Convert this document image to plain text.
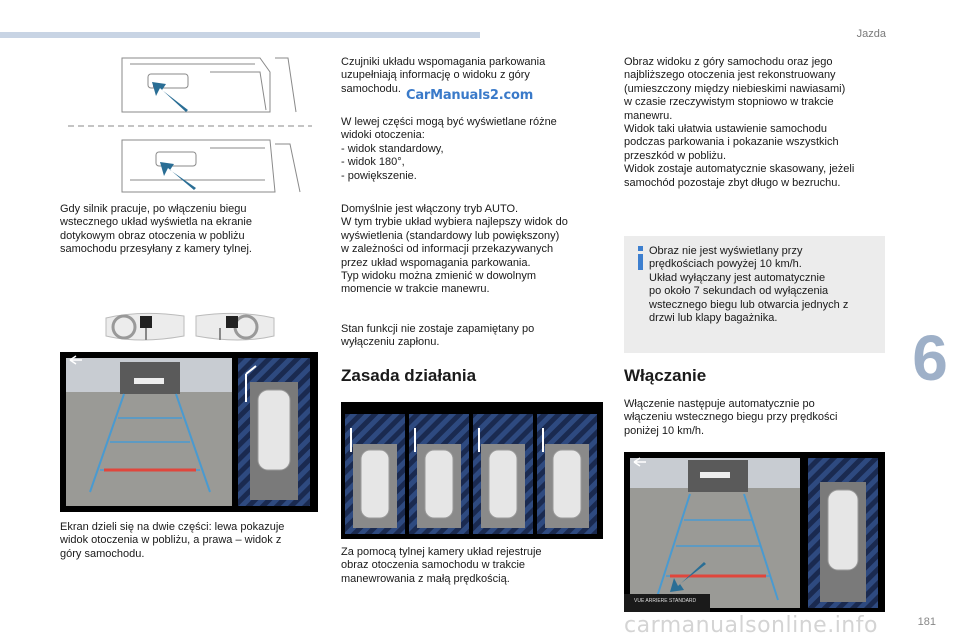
Jazda
6
Gdy silnik pracuje, po włączeniu biegu
wstecznego układ wyświetla na ekranie
dotykowym obraz otoczenia w pobliżu
samochodu przesyłany z kamery tylnej.
Ekran dzieli się na dwie części: lewa pokazuje
widok otoczenia w pobliżu, a prawa – widok z
góry samochodu.
Czujniki układu wspomagania parkowania
uzupełniają informację o widoku z góry
samochodu. CarManuals2.com
W lewej części mogą być wyświetlane różne
widoki otoczenia:
- widok standardowy,
- widok 180°,
- powiększenie.
Domyślnie jest włączony tryb AUTO.
W tym trybie układ wybiera najlepszy widok do
wyświetlenia (standardowy lub powiększony)
w zależności od informacji przekazywanych
przez układ wspomagania parkowania.
Typ widoku można zmienić w dowolnym
momencie w trakcie manewru.
Stan funkcji nie zostaje zapamiętany po
wyłączeniu zapłonu.
Zasada działania
Za pomocą tylnej kamery układ rejestruje
obraz otoczenia samochodu w trakcie
manewrowania z małą prędkością.
Obraz widoku z góry samochodu oraz jego
najbliższego otoczenia jest rekonstruowany
(umieszczony między niebieskimi nawiasami)
w czasie rzeczywistym stopniowo w trakcie
manewru.
Widok taki ułatwia ustawienie samochodu
podczas parkowania i pokazanie wszystkich
przeszkód w pobliżu.
Widok zostaje automatycznie skasowany, jeżeli
samochód pozostaje zbyt długo w bezruchu.
Obraz nie jest wyświetlany przy
prędkościach powyżej 10 km/h.
Układ wyłączany jest automatycznie
po około 7 sekundach od wyłączenia
wstecznego biegu lub otwarcia jednych z
drzwi lub klapy bagażnika.
Włączanie
Włączenie następuje automatycznie po
włączeniu wstecznego biegu przy prędkości
poniżej 10 km/h.
VUE ARRIERE STANDARD
carmanualsonline.info	181
